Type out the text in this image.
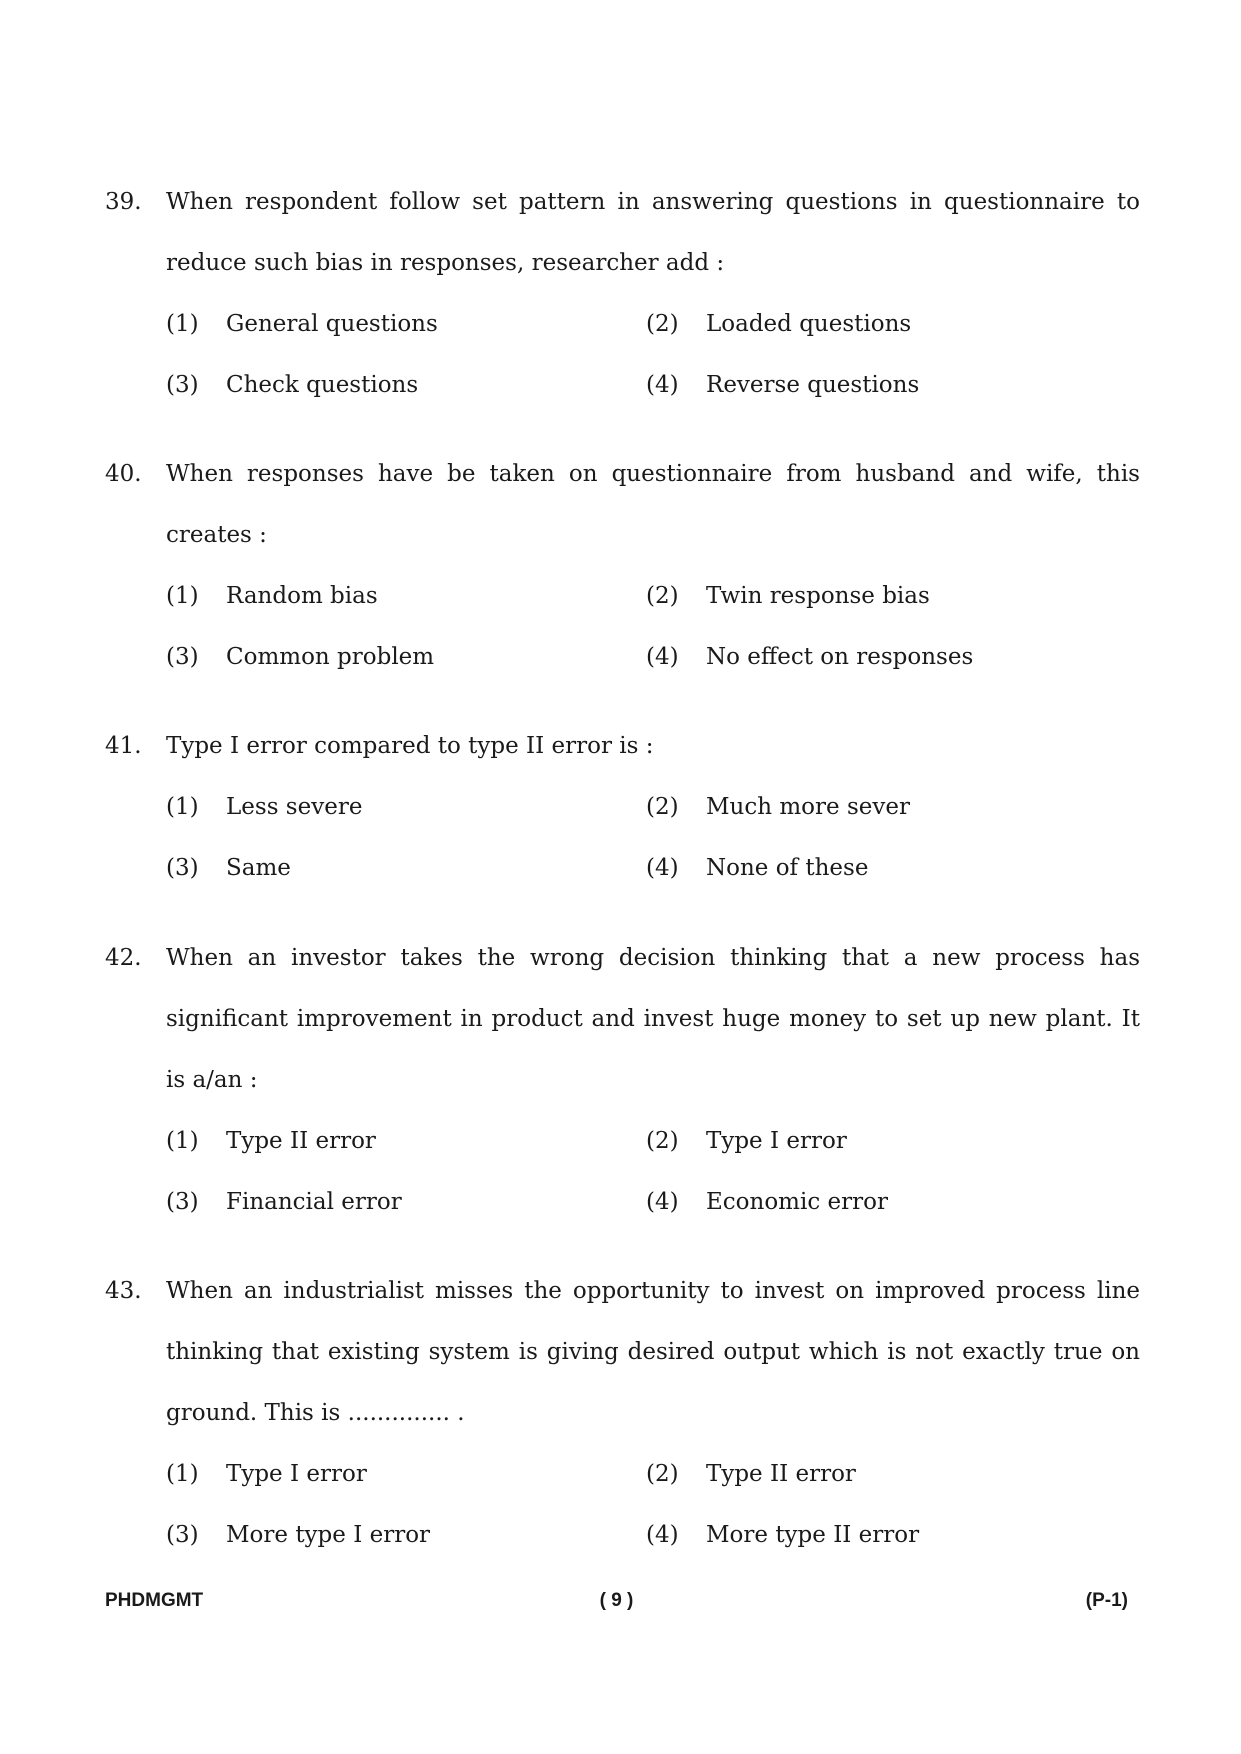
39. When respondent follow set pattern in answering questions in questionnaire to reduce such bias in responses, researcher add :
(1)	General questions	(2)	Loaded questions
(3)	Check questions	(4)	Reverse questions
40. When responses have be taken on questionnaire from husband and wife, this creates :
(1)	Random bias	(2)	Twin response bias
(3)	Common problem	(4)	No effect on responses
41. Type I error compared to type II error is :
(1)	Less severe	(2)	Much more sever
(3)	Same	(4)	None of these
42. When an investor takes the wrong decision thinking that a new process has significant improvement in product and invest huge money to set up new plant. It is a/an :
(1)	Type II error	(2)	Type I error
(3)	Financial error	(4)	Economic error
43. When an industrialist misses the opportunity to invest on improved process line thinking that existing system is giving desired output which is not exactly true on ground. This is .............. .
(1)	Type I error	(2)	Type II error
(3)	More type I error	(4)	More type II error
PHDMGMT	( 9 )	(P-1)
